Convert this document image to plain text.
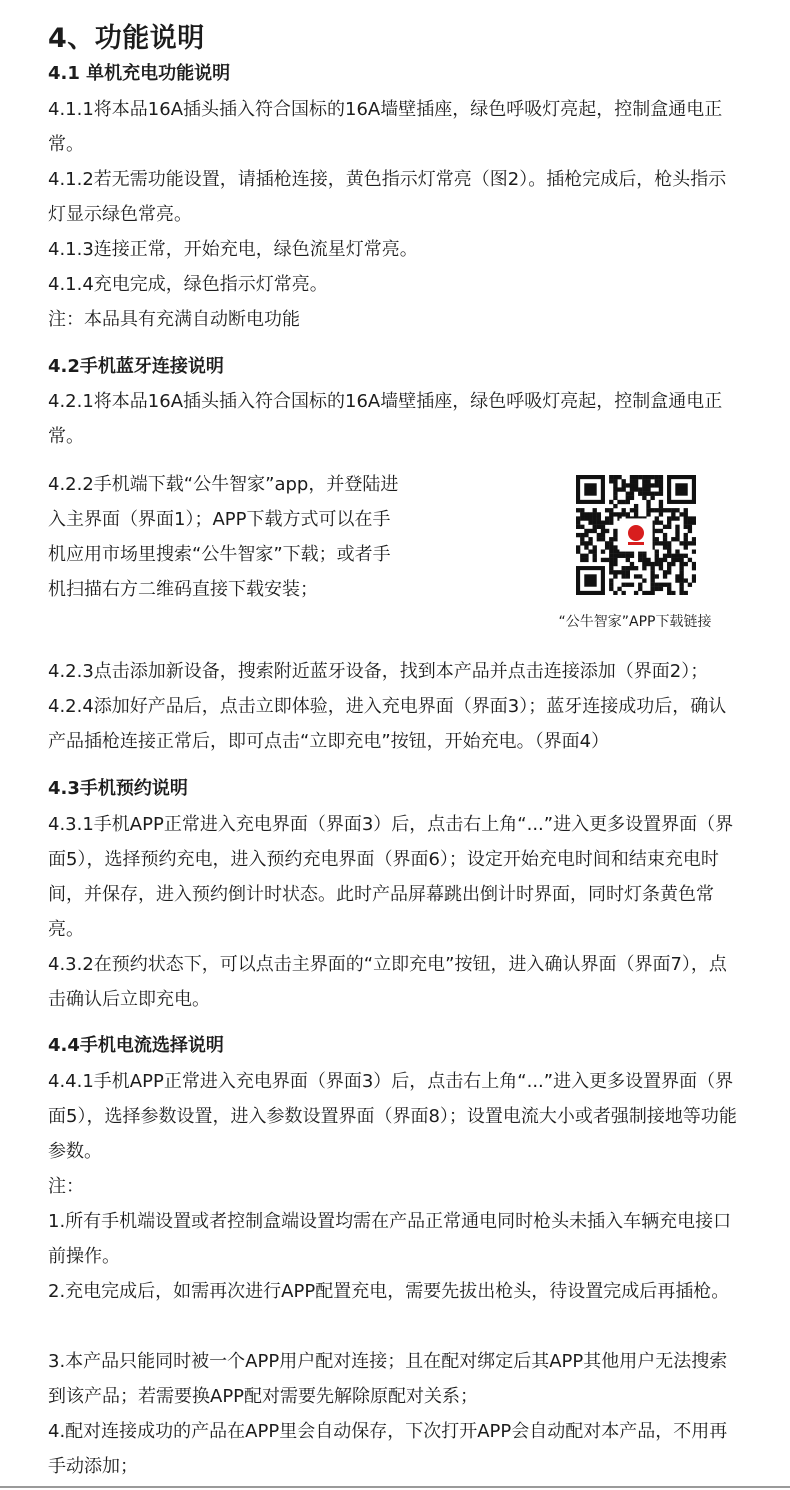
4、功能说明
4.1 单机充电功能说明

4.1.1将本品16A插头插入符合国标的16A墙壁插座，绿色呼吸灯亮起，控制盒通电正常。

4.1.2若无需功能设置，请插枪连接，黄色指示灯常亮（图2）。插枪完成后，枪头指示灯显示绿色常亮。

4.1.3连接正常，开始充电，绿色流星灯常亮。

4.1.4充电完成，绿色指示灯常亮。

注：本品具有充满自动断电功能

4.2手机蓝牙连接说明

4.2.1将本品16A插头插入符合国标的16A墙壁插座，绿色呼吸灯亮起，控制盒通电正常。

4.2.2手机端下载“公牛智家”app，并登陆进入主界面（界面1）；APP下载方式可以在手机应用市场里搜索“公牛智家”下载；或者手机扫描右方二维码直接下载安装；

“公牛智家”APP下载链接

4.2.3点击添加新设备，搜索附近蓝牙设备，找到本产品并点击连接添加（界面2）；

4.2.4添加好产品后，点击立即体验，进入充电界面（界面3）；蓝牙连接成功后，确认产品插枪连接正常后，即可点击“立即充电”按钮，开始充电。（界面4）

4.3手机预约说明

4.3.1手机APP正常进入充电界面（界面3）后，点击右上角“...”进入更多设置界面（界面5），选择预约充电，进入预约充电界面（界面6）；设定开始充电时间和结束充电时间，并保存，进入预约倒计时状态。此时产品屏幕跳出倒计时界面，同时灯条黄色常亮。

4.3.2在预约状态下，可以点击主界面的“立即充电”按钮，进入确认界面（界面7），点击确认后立即充电。

4.4手机电流选择说明

4.4.1手机APP正常进入充电界面（界面3）后，点击右上角“...”进入更多设置界面（界面5），选择参数设置，进入参数设置界面（界面8）；设置电流大小或者强制接地等功能参数。

注：

1.所有手机端设置或者控制盒端设置均需在产品正常通电同时枪头未插入车辆充电接口前操作。

2.充电完成后，如需再次进行APP配置充电，需要先拔出枪头，待设置完成后再插枪。

3.本产品只能同时被一个APP用户配对连接；且在配对绑定后其APP其他用户无法搜索到该产品；若需要换APP配对需要先解除原配对关系；

4.配对连接成功的产品在APP里会自动保存，下次打开APP会自动配对本产品，不用再手动添加；
